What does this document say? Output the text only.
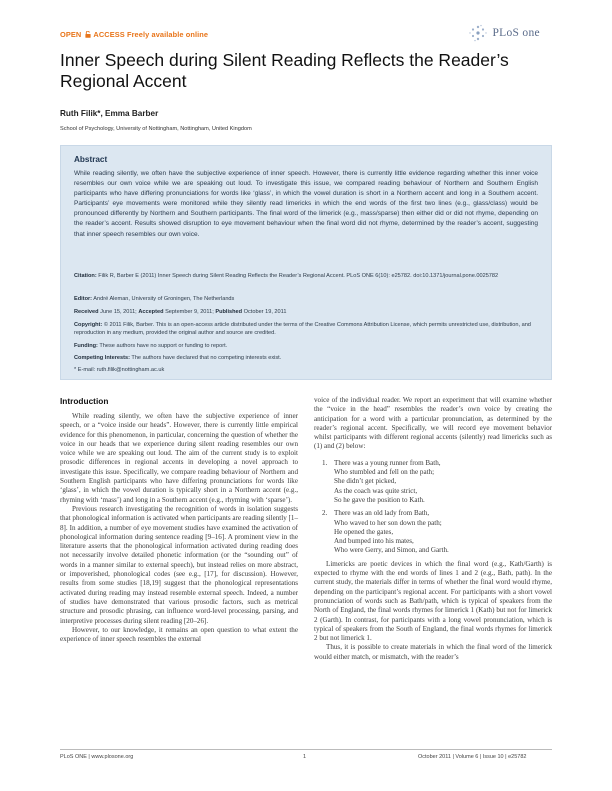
OPEN ACCESS Freely available online	PLoS one
Inner Speech during Silent Reading Reflects the Reader’s Regional Accent
Ruth Filik*, Emma Barber
School of Psychology, University of Nottingham, Nottingham, United Kingdom
Abstract

While reading silently, we often have the subjective experience of inner speech. However, there is currently little evidence regarding whether this inner voice resembles our own voice while we are speaking out loud. To investigate this issue, we compared reading behaviour of Northern and Southern English participants who have differing pronunciations for words like ‘glass’, in which the vowel duration is short in a Northern accent and long in a Southern accent. Participants’ eye movements were monitored while they silently read limericks in which the end words of the first two lines (e.g., glass/class) would be pronounced differently by Northern and Southern participants. The final word of the limerick (e.g., mass/sparse) then either did or did not rhyme, depending on the reader’s accent. Results showed disruption to eye movement behaviour when the final word did not rhyme, determined by the reader’s accent, suggesting that inner speech resembles our own voice.

Citation: Filik R, Barber E (2011) Inner Speech during Silent Reading Reflects the Reader’s Regional Accent. PLoS ONE 6(10): e25782. doi:10.1371/journal.pone.0025782

Editor: André Aleman, University of Groningen, The Netherlands

Received June 15, 2011; Accepted September 9, 2011; Published October 19, 2011

Copyright: © 2011 Filik, Barber. This is an open-access article distributed under the terms of the Creative Commons Attribution License, which permits unrestricted use, distribution, and reproduction in any medium, provided the original author and source are credited.

Funding: These authors have no support or funding to report.

Competing Interests: The authors have declared that no competing interests exist.

* E-mail: ruth.filik@nottingham.ac.uk

Introduction

While reading silently, we often have the subjective experience of inner speech, or a “voice inside our heads”. However, there is currently little empirical evidence for this phenomenon, in particular, concerning the question of whether the voice in our heads that we experience during silent reading resembles our own voice while we are speaking out loud. The aim of the current study is to exploit prosodic differences in regional accents in developing a novel approach to investigate this issue. Specifically, we compare reading behaviour of Northern and Southern English participants who have differing pronunciations for words like ‘glass’, in which the vowel duration is typically short in a Northern accent (e.g., rhyming with ‘mass’) and long in a Southern accent (e.g., rhyming with ‘sparse’).

Previous research investigating the recognition of words in isolation suggests that phonological information is activated when participants are reading silently [1–8]. In addition, a number of eye movement studies have examined the activation of phonological information during sentence reading [9–16]. A prominent view in the literature asserts that the phonological information activated during reading does not necessarily involve detailed phonetic information (or the “sounding out” of words in a manner similar to external speech), but instead relies on more abstract, or impoverished, phonological codes (see e.g., [17], for discussion). However, results from some studies [18,19] suggest that the phonological representations activated during reading may instead resemble external speech. Indeed, a number of studies have demonstrated that various prosodic factors, such as metrical structure and prosodic phrasing, can influence word-level processing, parsing, and interpretive processes during silent reading [20–26].

However, to our knowledge, it remains an open question to what extent the experience of inner speech resembles the external

voice of the individual reader. We report an experiment that will examine whether the “voice in the head” resembles the reader’s own voice by creating the anticipation for a word with a particular pronunciation, as determined by the reader’s regional accent. Specifically, we will record eye movement behavior whilst participants with different regional accents (silently) read limericks such as (1) and (2) below:

1. There was a young runner from Bath,
Who stumbled and fell on the path;
She didn’t get picked,
As the coach was quite strict,
So he gave the position to Kath.
2. There was an old lady from Bath,
Who waved to her son down the path;
He opened the gates,
And bumped into his mates,
Who were Gerry, and Simon, and Garth.

Limericks are poetic devices in which the final word (e.g., Kath/Garth) is expected to rhyme with the end words of lines 1 and 2 (e.g., Bath, path). In the current study, the materials differ in terms of whether the final word would rhyme, depending on the participant’s regional accent. For participants with a short vowel pronunciation of words such as Bath/path, which is typical of speakers from the North of England, the final words rhymes for limerick 1 (Kath) but not for limerick 2 (Garth). In contrast, for participants with a long vowel pronunciation, which is typical of speakers from the South of England, the final words rhymes for limerick 2 but not limerick 1.

Thus, it is possible to create materials in which the final word of the limerick would either match, or mismatch, with the reader’s

PLoS ONE | www.plosone.org	1	October 2011 | Volume 6 | Issue 10 | e25782
